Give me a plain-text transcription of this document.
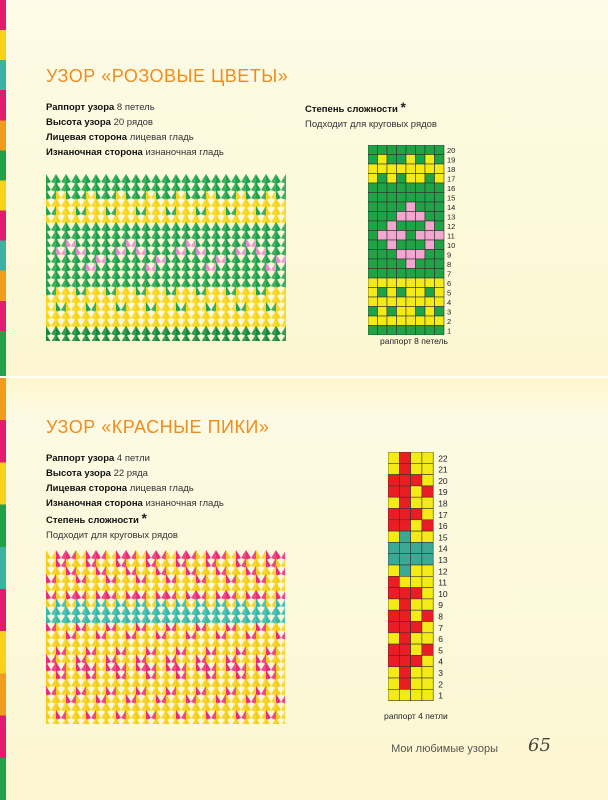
УЗОР «РОЗОВЫЕ ЦВЕТЫ»
Раппорт узора 8 петель
Высота узора 20 рядов
Лицевая сторона лицевая гладь
Изнаночная сторона изнаночная гладь
Степень сложности *
Подходит для круговых рядов
20
19
18
17
16
15
14
13
12
11
10
9
8
7
6
5
4
3
2
1
раппорт 8 петель
УЗОР «КРАСНЫЕ ПИКИ»
Раппорт узора 4 петли
Высота узора 22 ряда
Лицевая сторона лицевая гладь
Изнаночная сторона изнаночная гладь
Степень сложности *
Подходит для круговых рядов
22
21
20
19
18
17
16
15
14
13
12
11
10
9
8
7
6
5
4
3
2
1
раппорт 4 петли
Мои любимые узоры 65
